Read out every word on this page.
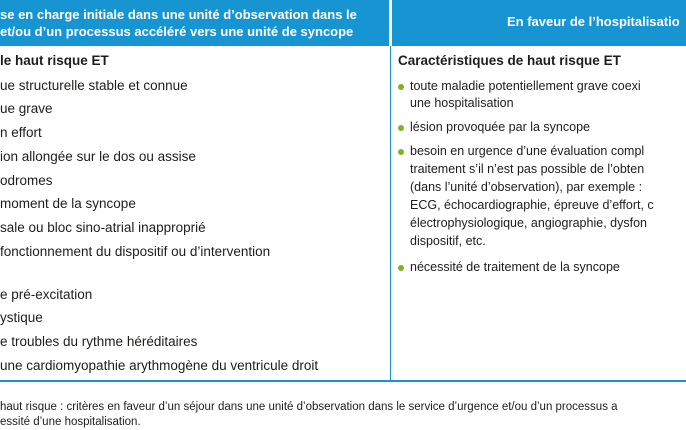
se en charge initiale dans une unité d’observation dans le
et/ou d’un processus accéléré vers une unité de syncope
En faveur de l’hospitalisatio
le haut risque ET
ue structurelle stable et connue
ue grave
n effort
ion allongée sur le dos ou assise
odromes
moment de la syncope
sale ou bloc sino-atrial inapproprié
fonctionnement du dispositif ou d’intervention
e pré-excitation
ystique
e troubles du rythme héréditaires
une cardiomyopathie arythmogène du ventricule droit
Caractéristiques de haut risque ET
toute maladie potentiellement grave coexi
une hospitalisation
lésion provoquée par la syncope
besoin en urgence d’une évaluation compl
traitement s’il n’est pas possible de l’obten
(dans l’unité d’observation), par exemple :
ECG, échocardiographie, épreuve d’effort, c
électrophysiologique, angiographie, dysfon
dispositif, etc.
nécessité de traitement de la syncope
haut risque : critères en faveur d’un séjour dans une unité d’observation dans le service d’urgence et/ou d’un processus a
essité d’une hospitalisation.
